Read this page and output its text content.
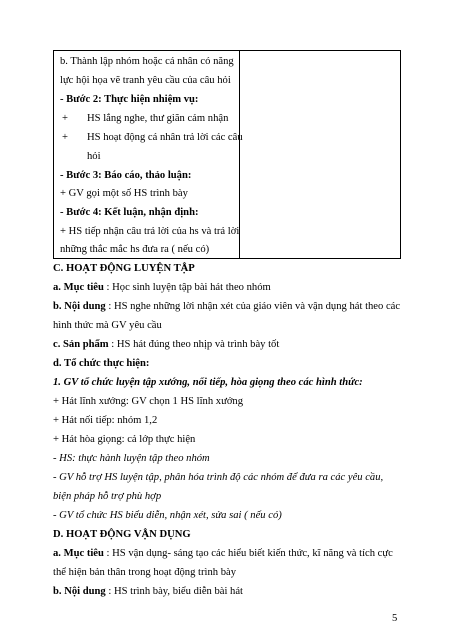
b. Thành lập nhóm hoặc cá nhân có năng
lực hội họa vẽ tranh yêu cầu của câu hỏi
- Bước 2: Thực hiện nhiệm vụ:
+ HS lắng nghe, thư giãn cảm nhận
+ HS hoạt động cá nhân trả lời các câu
hỏi
- Bước 3: Báo cáo, thảo luận:
+ GV gọi một số HS trình bày
- Bước 4: Kết luận, nhận định:
+ HS tiếp nhận câu trả lời của hs và trả lời
những thắc mắc hs đưa ra ( nếu có)
C. HOẠT ĐỘNG LUYỆN TẬP
a. Mục tiêu : Học sinh luyện tập bài hát theo nhóm
b. Nội dung : HS nghe những lời nhận xét của giáo viên và vận dụng hát theo các
hình thức mà GV yêu cầu
c. Sản phẩm : HS hát đúng theo nhịp và trình bày tốt
d. Tổ chức thực hiện:
1. GV tổ chức luyện tập xướng, nối tiếp, hòa giọng theo các hình thức:
+ Hát lĩnh xướng: GV chọn 1 HS lĩnh xướng
+ Hát nối tiếp: nhóm 1,2
+ Hát hòa giọng: cả lớp thực hiện
- HS: thực hành luyện tập theo nhóm
- GV hỗ trợ HS luyện tập, phân hóa trình độ các nhóm để đưa ra các yêu cầu,
biện pháp hỗ trợ phù hợp
- GV tổ chức HS biểu diễn, nhận xét, sửa sai ( nếu có)
D. HOẠT ĐỘNG VẬN DỤNG
a. Mục tiêu : HS vận dụng- sáng tạo các hiểu biết kiến thức, kĩ năng và tích cực
thể hiện bản thân trong hoạt động trình bày
b. Nội dung : HS trình bày, biểu diễn bài hát
5
